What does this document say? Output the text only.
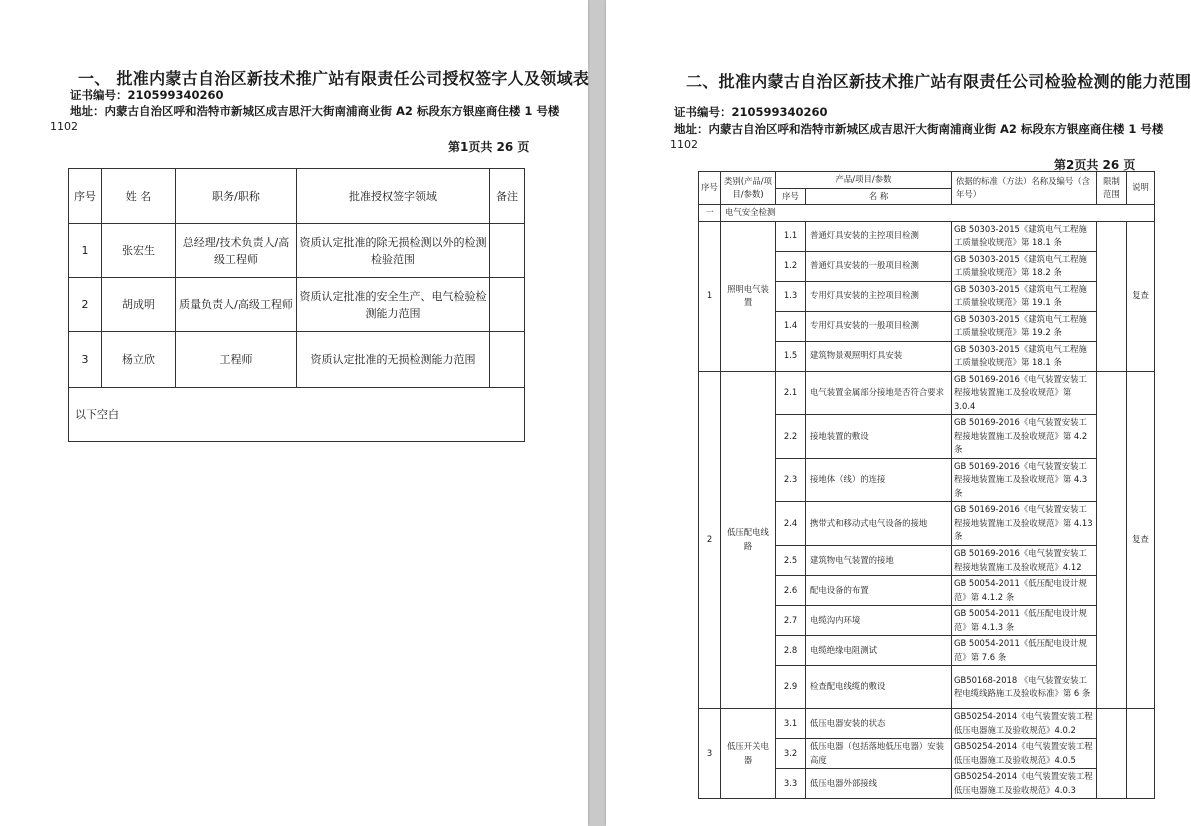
一、 批准内蒙古自治区新技术推广站有限责任公司授权签字人及领域表
证书编号：210599340260
地址：内蒙古自治区呼和浩特市新城区成吉思汗大街南浦商业街 A2 标段东方银座商住楼 1 号楼
1102
第1页共 26 页
序号	姓 名	职务/职称	批准授权签字领域	备注
1	张宏生	总经理/技术负责人/高级工程师	资质认定批准的除无损检测以外的检测检验范围	
2	胡成明	质量负责人/高级工程师	资质认定批准的安全生产、电气检验检测能力范围	
3	杨立欣	工程师	资质认定批准的无损检测能力范围	
以下空白				
二、批准内蒙古自治区新技术推广站有限责任公司检验检测的能力范围
证书编号：210599340260
地址：内蒙古自治区呼和浩特市新城区成吉思汗大街南浦商业街 A2 标段东方银座商住楼 1 号楼
1102
第2页共 26 页
序号	类别(产品/项目/参数)	产品/项目/参数		依据的标准（方法）名称及编号（含年号）	限制范围	说明
		序号	名 称			
一	电气安全检测					
1	照明电气装置	1.1	普通灯具安装的主控项目检测	GB 50303-2015《建筑电气工程施工质量验收规范》第 18.1 条		复查
		1.2	普通灯具安装的一般项目检测	GB 50303-2015《建筑电气工程施工质量验收规范》第 18.2 条		
		1.3	专用灯具安装的主控项目检测	GB 50303-2015《建筑电气工程施工质量验收规范》第 19.1 条		
		1.4	专用灯具安装的一般项目检测	GB 50303-2015《建筑电气工程施工质量验收规范》第 19.2 条		
		1.5	建筑物景观照明灯具安装	GB 50303-2015《建筑电气工程施工质量验收规范》第 18.1 条		
2	低压配电线路	2.1	电气装置金属部分接地是否符合要求	GB 50169-2016《电气装置安装工程接地装置施工及验收规范》第 3.0.4		复查
		2.2	接地装置的敷设	GB 50169-2016《电气装置安装工程接地装置施工及验收规范》第 4.2 条		
		2.3	接地体（线）的连接	GB 50169-2016《电气装置安装工程接地装置施工及验收规范》第 4.3 条		
		2.4	携带式和移动式电气设备的接地	GB 50169-2016《电气装置安装工程接地装置施工及验收规范》第 4.13 条		
		2.5	建筑物电气装置的接地	GB 50169-2016《电气装置安装工程接地装置施工及验收规范》4.12		
		2.6	配电设备的布置	GB 50054-2011《低压配电设计规范》第 4.1.2 条		
		2.7	电缆沟内环境	GB 50054-2011《低压配电设计规范》第 4.1.3 条		
		2.8	电缆绝缘电阻测试	GB 50054-2011《低压配电设计规范》第 7.6 条		
		2.9	检查配电线缆的敷设	GB50168-2018 《电气装置安装工程电缆线路施工及验收标准》第 6 条		
3	低压开关电器	3.1	低压电器安装的状态	GB50254-2014《电气装置安装工程低压电器施工及验收规范》4.0.2		
		3.2	低压电器（包括落地低压电器）安装高度	GB50254-2014《电气装置安装工程低压电器施工及验收规范》4.0.5		
		3.3	低压电器外部接线	GB50254-2014《电气装置安装工程低压电器施工及验收规范》4.0.3		
